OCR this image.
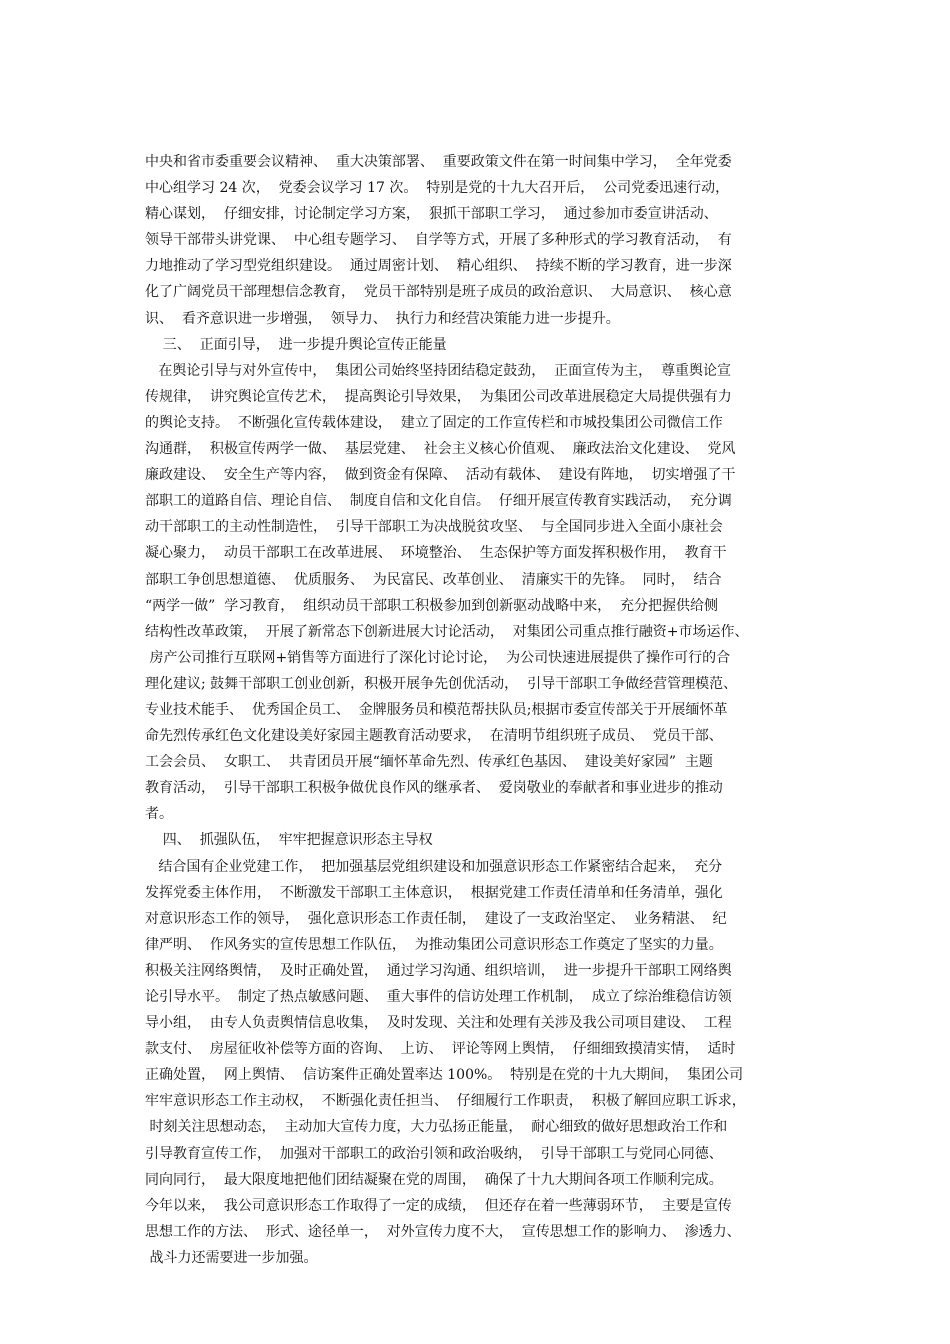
中央和省市委重要会议精神、  重大决策部署、  重要政策文件在第一时间集中学习，  全年党委
中心组学习 24 次，  党委会议学习 17 次。  特别是党的十九大召开后，  公司党委迅速行动，
精心谋划，  仔细安排，讨论制定学习方案，  狠抓干部职工学习，  通过参加市委宣讲活动、
领导干部带头讲党课、  中心组专题学习、  自学等方式，开展了多种形式的学习教育活动，  有
力地推动了学习型党组织建设。  通过周密计划、  精心组织、  持续不断的学习教育，进一步深
化了广阔党员干部理想信念教育，  党员干部特别是班子成员的政治意识、  大局意识、  核心意
识、  看齐意识进一步增强，  领导力、  执行力和经营决策能力进一步提升。
三、  正面引导，  进一步提升舆论宣传正能量
在舆论引导与对外宣传中，  集团公司始终坚持团结稳定鼓劲，  正面宣传为主，  尊重舆论宣
传规律，  讲究舆论宣传艺术，  提高舆论引导效果，  为集团公司改革进展稳定大局提供强有力
的舆论支持。  不断强化宣传载体建设，  建立了固定的工作宣传栏和市城投集团公司微信工作
沟通群，  积极宣传两学一做、  基层党建、  社会主义核心价值观、  廉政法治文化建设、  党风
廉政建设、  安全生产等内容，  做到资金有保障、  活动有载体、  建设有阵地，  切实增强了干
部职工的道路自信、理论自信、  制度自信和文化自信。  仔细开展宣传教育实践活动，  充分调
动干部职工的主动性制造性，  引导干部职工为决战脱贫攻坚、  与全国同步进入全面小康社会
凝心聚力，  动员干部职工在改革进展、  环境整治、  生态保护等方面发挥积极作用，  教育干
部职工争创思想道德、  优质服务、  为民富民、改革创业、  清廉实干的先锋。  同时，  结合
“两学一做”  学习教育，  组织动员干部职工积极参加到创新驱动战略中来，  充分把握供给侧
结构性改革政策，  开展了新常态下创新进展大讨论活动，  对集团公司重点推行融资+市场运作、
房产公司推行互联网+销售等方面进行了深化讨论讨论，  为公司快速进展提供了操作可行的合
理化建议; 鼓舞干部职工创业创新，积极开展争先创优活动，  引导干部职工争做经营管理模范、
专业技术能手、  优秀国企员工、  金牌服务员和模范帮扶队员;根据市委宣传部关于开展缅怀革
命先烈传承红色文化建设美好家园主题教育活动要求，  在清明节组织班子成员、  党员干部、
工会会员、  女职工、  共青团员开展“缅怀革命先烈、传承红色基因、  建设美好家园”  主题
教育活动，  引导干部职工积极争做优良作风的继承者、  爱岗敬业的奉献者和事业进步的推动
者。
四、  抓强队伍，  牢牢把握意识形态主导权
结合国有企业党建工作，  把加强基层党组织建设和加强意识形态工作紧密结合起来，  充分
发挥党委主体作用，  不断激发干部职工主体意识，  根据党建工作责任清单和任务清单，强化
对意识形态工作的领导，  强化意识形态工作责任制，  建设了一支政治坚定、  业务精湛、  纪
律严明、  作风务实的宣传思想工作队伍，  为推动集团公司意识形态工作奠定了坚实的力量。
积极关注网络舆情，  及时正确处置，  通过学习沟通、组织培训，  进一步提升干部职工网络舆
论引导水平。  制定了热点敏感问题、  重大事件的信访处理工作机制，  成立了综治维稳信访领
导小组，  由专人负责舆情信息收集，  及时发现、关注和处理有关涉及我公司项目建设、  工程
款支付、  房屋征收补偿等方面的咨询、  上访、  评论等网上舆情，  仔细细致摸清实情，  适时
正确处置，  网上舆情、  信访案件正确处置率达 100%。  特别是在党的十九大期间，  集团公司
牢牢意识形态工作主动权，  不断强化责任担当、  仔细履行工作职责，  积极了解回应职工诉求，
时刻关注思想动态，  主动加大宣传力度，大力弘扬正能量，  耐心细致的做好思想政治工作和
引导教育宣传工作，  加强对干部职工的政治引领和政治吸纳，  引导干部职工与党同心同德、
同向同行，  最大限度地把他们团结凝聚在党的周围，  确保了十九大期间各项工作顺利完成。
今年以来，  我公司意识形态工作取得了一定的成绩，  但还存在着一些薄弱环节，  主要是宣传
思想工作的方法、  形式、途径单一，  对外宣传力度不大，  宣传思想工作的影响力、  渗透力、
战斗力还需要进一步加强。
